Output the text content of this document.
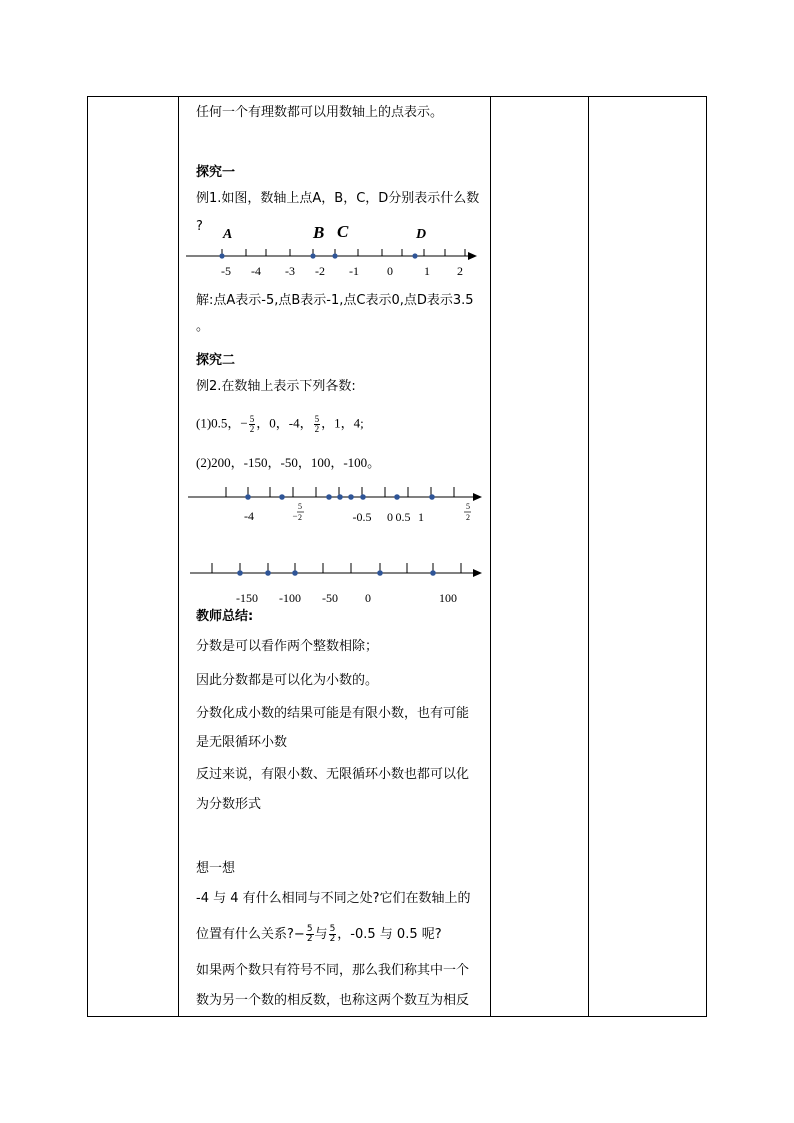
任何一个有理数都可以用数轴上的点表示。
探究一
例1.如图，数轴上点A，B，C，D分别表示什么数
?
A	B C	D
-5 -4 -3 -2 -1 0	1 2
解:点A表示-5,点B表示-1,点C表示0,点D表示3.5
。
探究二
例2.在数轴上表示下列各数:
(1)0.5，− $\frac{5}{2}$ ，0，-4， $\frac{5}{2}$ ，1，4;
(2)200，-150，-50，100，-100。
-4
5
− 2	-0.5 0 0.5 1
5
2
-150 -100 -50 0	100
教师总结:
分数是可以看作两个整数相除；
因此分数都是可以化为小数的。
分数化成小数的结果可能是有限小数，也有可能
是无限循环小数
反过来说，有限小数、无限循环小数也都可以化
为分数形式
想一想
-4 与 4 有什么相同与不同之处?它们在数轴上的
位置有什么关系?− $\frac{5}{2}$ 与 $\frac{5}{2}$ ，-0.5 与 0.5 呢?
如果两个数只有符号不同，那么我们称其中一个
数为另一个数的相反数，也称这两个数互为相反
